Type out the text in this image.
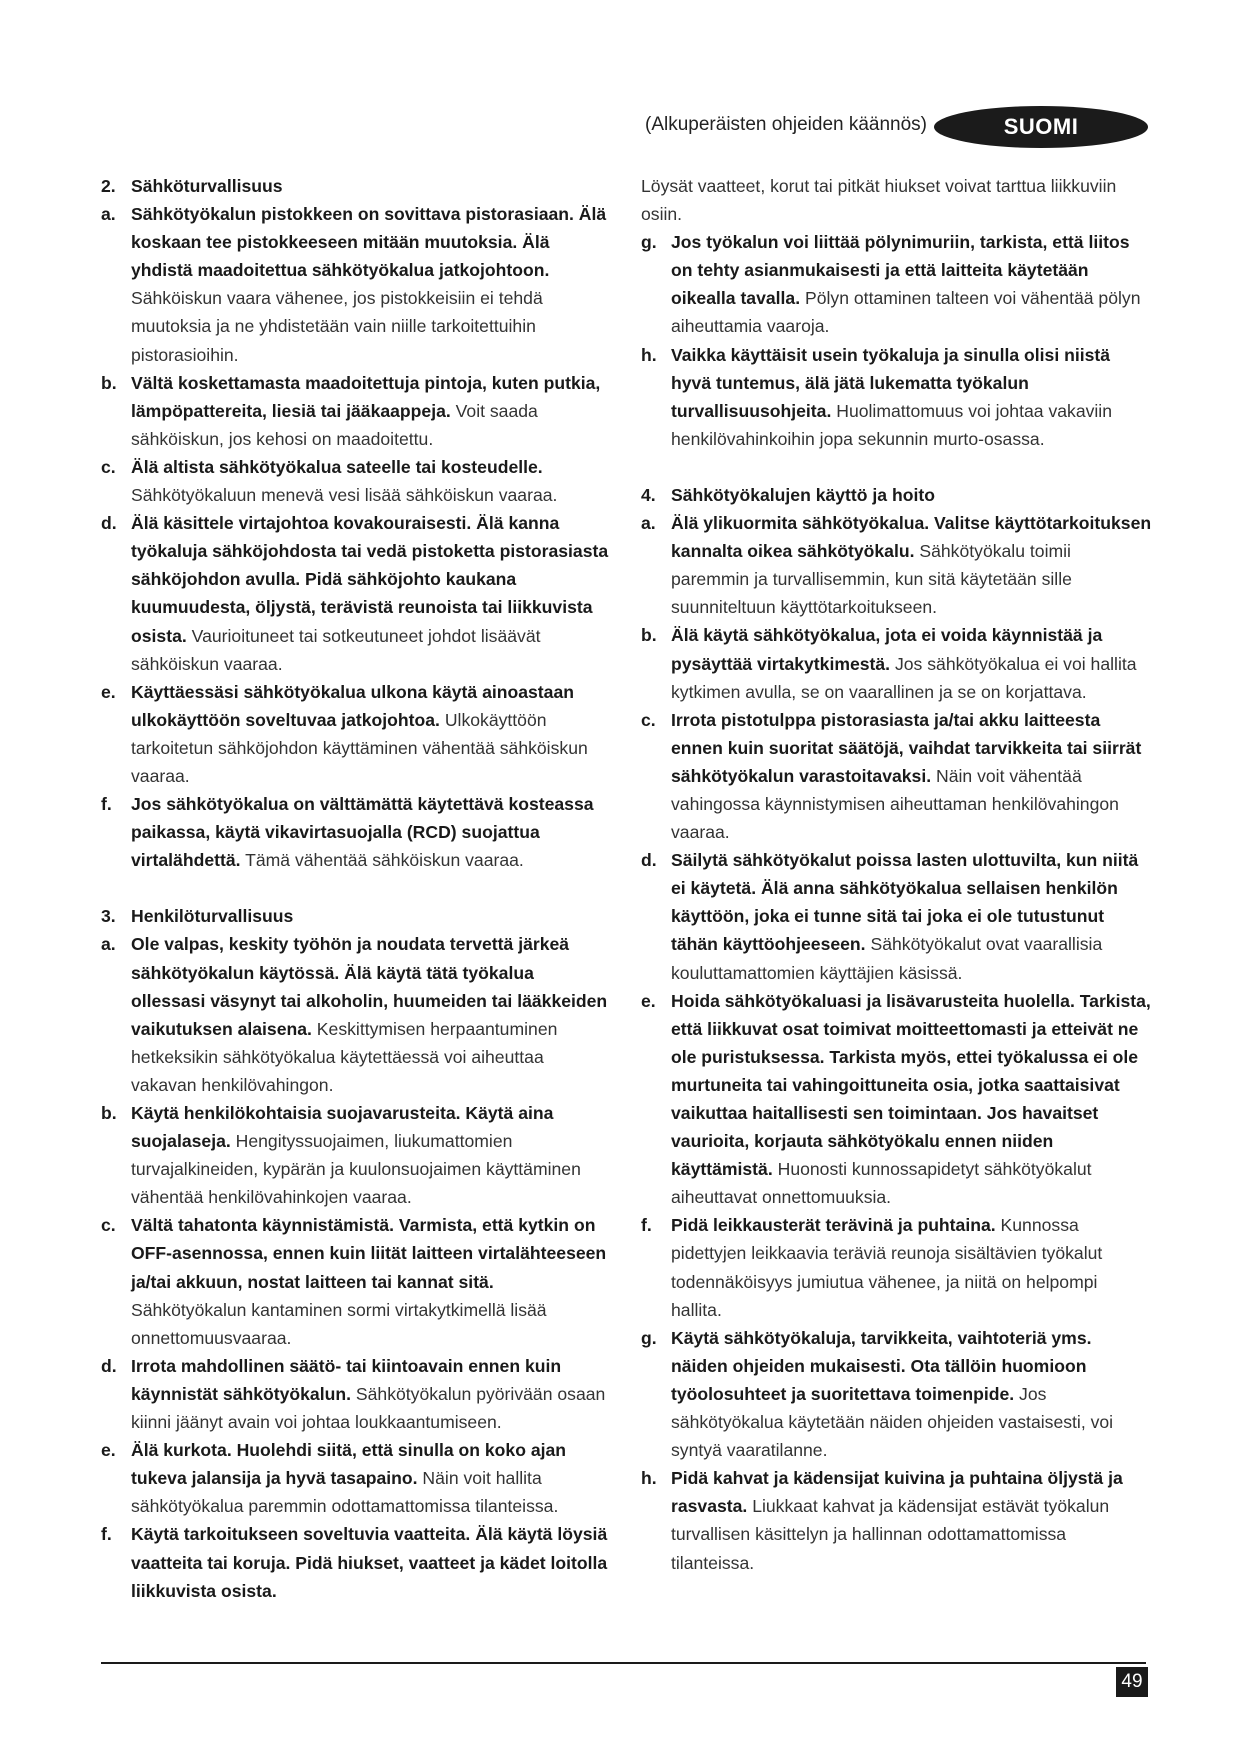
(Alkuperäisten ohjeiden käännös)	SUOMI

2. Sähköturvallisuus

a. Sähkötyökalun pistokkeen on sovittava pistorasiaan. Älä koskaan tee pistokkeeseen mitään muutoksia. Älä yhdistä maadoitettua sähkötyökalua jatkojohtoon. Sähköiskun vaara vähenee, jos pistokkeisiin ei tehdä muutoksia ja ne yhdistetään vain niille tarkoitettuihin pistorasioihin.

b. Vältä koskettamasta maadoitettuja pintoja, kuten putkia, lämpöpattereita, liesiä tai jääkaappeja. Voit saada sähköiskun, jos kehosi on maadoitettu.

c. Älä altista sähkötyökalua sateelle tai kosteudelle. Sähkötyökaluun menevä vesi lisää sähköiskun vaaraa.

d. Älä käsittele virtajohtoa kovakouraisesti. Älä kanna työkaluja sähköjohdosta tai vedä pistoketta pistorasiasta sähköjohdon avulla. Pidä sähköjohto kaukana kuumuudesta, öljystä, terävistä reunoista tai liikkuvista osista. Vaurioituneet tai sotkeutuneet johdot lisäävät sähköiskun vaaraa.

e. Käyttäessäsi sähkötyökalua ulkona käytä ainoastaan ulkokäyttöön soveltuvaa jatkojohtoa. Ulkokäyttöön tarkoitetun sähköjohdon käyttäminen vähentää sähköiskun vaaraa.

f. Jos sähkötyökalua on välttämättä käytettävä kosteassa paikassa, käytä vikavirtasuojalla (RCD) suojattua virtalähdettä. Tämä vähentää sähköiskun vaaraa.

3. Henkilöturvallisuus

a. Ole valpas, keskity työhön ja noudata tervettä järkeä sähkötyökalun käytössä. Älä käytä tätä työkalua ollessasi väsynyt tai alkoholin, huumeiden tai lääkkeiden vaikutuksen alaisena. Keskittymisen herpaantuminen hetkeksikin sähkötyökalua käytettäessä voi aiheuttaa vakavan henkilövahingon.

b. Käytä henkilökohtaisia suojavarusteita. Käytä aina suojalaseja. Hengityssuojaimen, liukumattomien turvajalkineiden, kypärän ja kuulonsuojaimen käyttäminen vähentää henkilövahinkojen vaaraa.

c. Vältä tahatonta käynnistämistä. Varmista, että kytkin on OFF-asennossa, ennen kuin liität laitteen virtalähteeseen ja/tai akkuun, nostat laitteen tai kannat sitä. Sähkötyökalun kantaminen sormi virtakytkimellä lisää onnettomuusvaaraa.

d. Irrota mahdollinen säätö- tai kiintoavain ennen kuin käynnistät sähkötyökalun. Sähkötyökalun pyörivään osaan kiinni jäänyt avain voi johtaa loukkaantumiseen.

e. Älä kurkota. Huolehdi siitä, että sinulla on koko ajan tukeva jalansija ja hyvä tasapaino. Näin voit hallita sähkötyökalua paremmin odottamattomissa tilanteissa.

f. Käytä tarkoitukseen soveltuvia vaatteita. Älä käytä löysiä vaatteita tai koruja. Pidä hiukset, vaatteet ja kädet loitolla liikkuvista osista.

Löysät vaatteet, korut tai pitkät hiukset voivat tarttua liikkuviin osiin.

g. Jos työkalun voi liittää pölynimuriin, tarkista, että liitos on tehty asianmukaisesti ja että laitteita käytetään oikealla tavalla. Pölyn ottaminen talteen voi vähentää pölyn aiheuttamia vaaroja.

h. Vaikka käyttäisit usein työkaluja ja sinulla olisi niistä hyvä tuntemus, älä jätä lukematta työkalun turvallisuusohjeita. Huolimattomuus voi johtaa vakaviin henkilövahinkoihin jopa sekunnin murto-osassa.

4. Sähkötyökalujen käyttö ja hoito

a. Älä ylikuormita sähkötyökalua. Valitse käyttötarkoituksen kannalta oikea sähkötyökalu. Sähkötyökalu toimii paremmin ja turvallisemmin, kun sitä käytetään sille suunniteltuun käyttötarkoitukseen.

b. Älä käytä sähkötyökalua, jota ei voida käynnistää ja pysäyttää virtakytkimestä. Jos sähkötyökalua ei voi hallita kytkimen avulla, se on vaarallinen ja se on korjattava.

c. Irrota pistotulppa pistorasiasta ja/tai akku laitteesta ennen kuin suoritat säätöjä, vaihdat tarvikkeita tai siirrät sähkötyökalun varastoitavaksi. Näin voit vähentää vahingossa käynnistymisen aiheuttaman henkilövahingon vaaraa.

d. Säilytä sähkötyökalut poissa lasten ulottuvilta, kun niitä ei käytetä. Älä anna sähkötyökalua sellaisen henkilön käyttöön, joka ei tunne sitä tai joka ei ole tutustunut tähän käyttöohjeeseen. Sähkötyökalut ovat vaarallisia kouluttamattomien käyttäjien käsissä.

e. Hoida sähkötyökaluasi ja lisävarusteita huolella. Tarkista, että liikkuvat osat toimivat moitteettomasti ja etteivät ne ole puristuksessa. Tarkista myös, ettei työkalussa ei ole murtuneita tai vahingoittuneita osia, jotka saattaisivat vaikuttaa haitallisesti sen toimintaan. Jos havaitset vaurioita, korjauta sähkötyökalu ennen niiden käyttämistä. Huonosti kunnossapidetyt sähkötyökalut aiheuttavat onnettomuuksia.

f. Pidä leikkausterät terävinä ja puhtaina. Kunnossa pidettyjen leikkaavia teräviä reunoja sisältävien työkalut todennäköisyys jumiutua vähenee, ja niitä on helpompi hallita.

g. Käytä sähkötyökaluja, tarvikkeita, vaihtoteriä yms. näiden ohjeiden mukaisesti. Ota tällöin huomioon työolosuhteet ja suoritettava toimenpide. Jos sähkötyökalua käytetään näiden ohjeiden vastaisesti, voi syntyä vaaratilanne.

h. Pidä kahvat ja kädensijat kuivina ja puhtaina öljystä ja rasvasta. Liukkaat kahvat ja kädensijat estävät työkalun turvallisen käsittelyn ja hallinnan odottamattomissa tilanteissa.

49
